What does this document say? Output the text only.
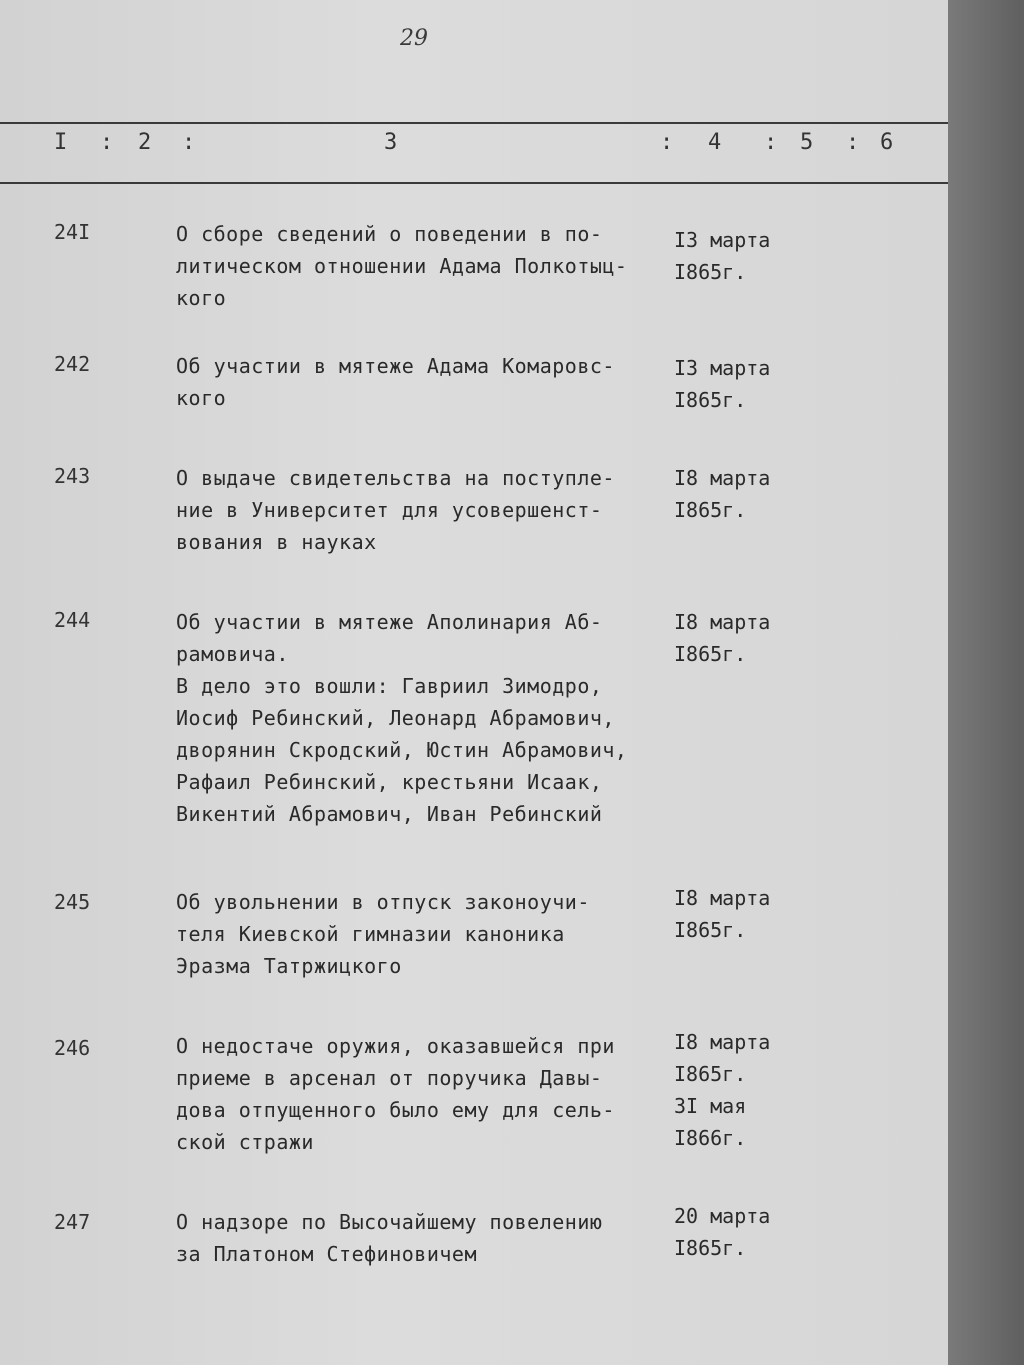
29
I : 2 :	3	: 4 : 5 : 6
24I	О сборе сведений о поведении в по-
литическом отношении Адама Полкотыц-
кого
I3 марта
I865г.
242	Об участии в мятеже Адама Комаровс-
кого
I3 марта
I865г.
243	О выдаче свидетельства на поступле-
ние в Университет для усовершенст-
вования в науках
I8 марта
I865г.
244	Об участии в мятеже Аполинария Аб-
рамовича.
В дело это вошли: Гавриил Зимодро,
Иосиф Ребинский, Леонард Абрамович,
дворянин Скродский, Юстин Абрамович,
Рафаил Ребинский, крестьяни Исаак,
Викентий Абрамович, Иван Ребинский
I8 марта
I865г.
245	Об увольнении в отпуск законоучи-
теля Киевской гимназии каноника
Эразма Татржицкого
I8 марта
I865г.
246	О недостаче оружия, оказавшейся при
приеме в арсенал от поручика Давы-
дова отпущенного было ему для сель-
ской стражи
I8 марта
I865г.
3I мая
I866г.
247	О надзоре по Высочайшему повелению
за Платоном Стефиновичем
20 марта
I865г.
